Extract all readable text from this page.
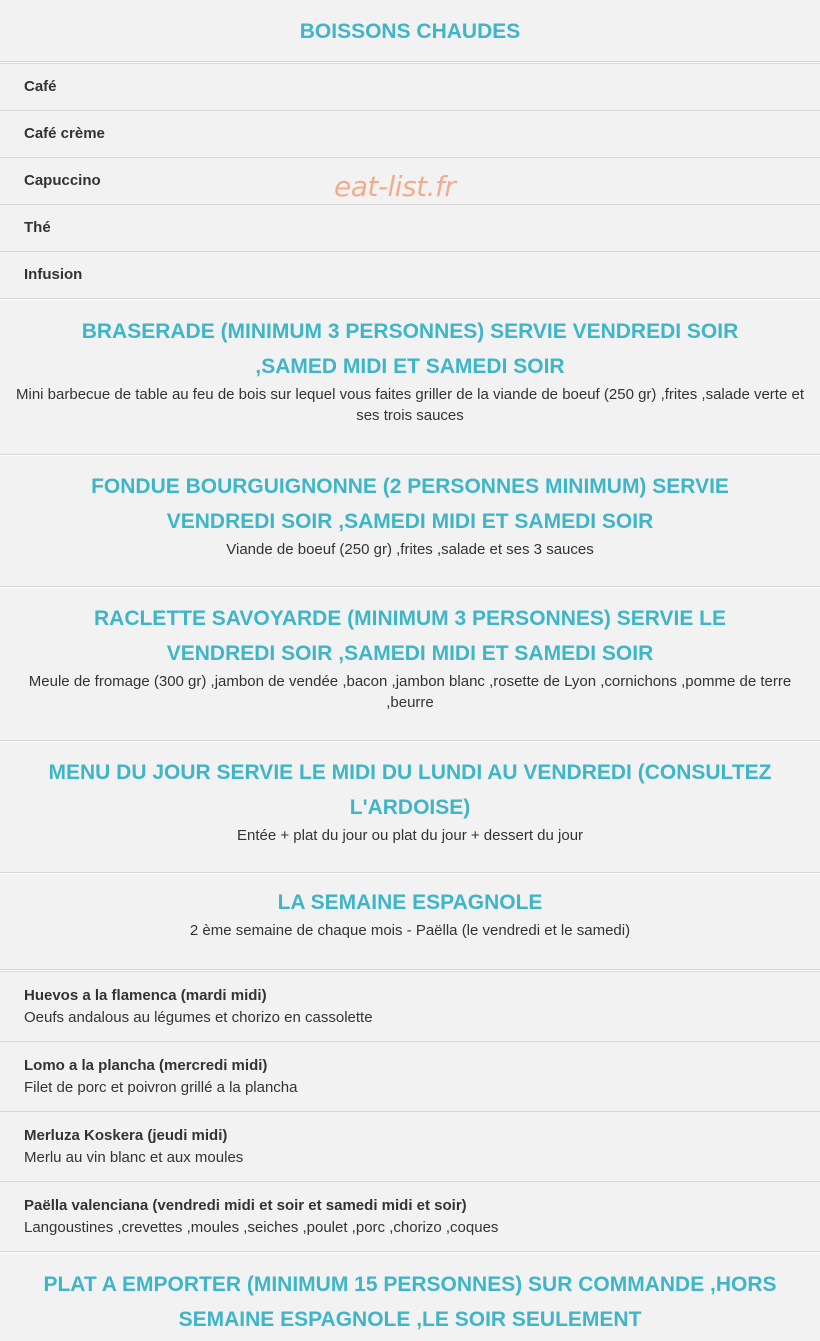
eat-list.fr
BOISSONS CHAUDES
Café
Café crème
Capuccino
Thé
Infusion
BRASERADE (MINIMUM 3 PERSONNES) SERVIE VENDREDI SOIR ,SAMED MIDI ET SAMEDI SOIR

Mini barbecue de table au feu de bois sur lequel vous faites griller de la viande de boeuf (250 gr) ,frites ,salade verte et ses trois sauces

FONDUE BOURGUIGNONNE (2 PERSONNES MINIMUM) SERVIE VENDREDI SOIR ,SAMEDI MIDI ET SAMEDI SOIR

Viande de boeuf (250 gr) ,frites ,salade et ses 3 sauces

RACLETTE SAVOYARDE (MINIMUM 3 PERSONNES) SERVIE LE VENDREDI SOIR ,SAMEDI MIDI ET SAMEDI SOIR

Meule de fromage (300 gr) ,jambon de vendée ,bacon ,jambon blanc ,rosette de Lyon ,cornichons ,pomme de terre ,beurre

MENU DU JOUR SERVIE LE MIDI DU LUNDI AU VENDREDI (CONSULTEZ L'ARDOISE)

Entée + plat du jour ou plat du jour + dessert du jour

LA SEMAINE ESPAGNOLE

2 ème semaine de chaque mois - Paëlla (le vendredi et le samedi)

Huevos a la flamenca (mardi midi)
Oeufs andalous au légumes et chorizo en cassolette
Lomo a la plancha (mercredi midi)
Filet de porc et poivron grillé a la plancha
Merluza Koskera (jeudi midi)
Merlu au vin blanc et aux moules
Paëlla valenciana (vendredi midi et soir et samedi midi et soir)
Langoustines ,crevettes ,moules ,seiches ,poulet ,porc ,chorizo ,coques
PLAT A EMPORTER (MINIMUM 15 PERSONNES) SUR COMMANDE ,HORS SEMAINE ESPAGNOLE ,LE SOIR SEULEMENT
